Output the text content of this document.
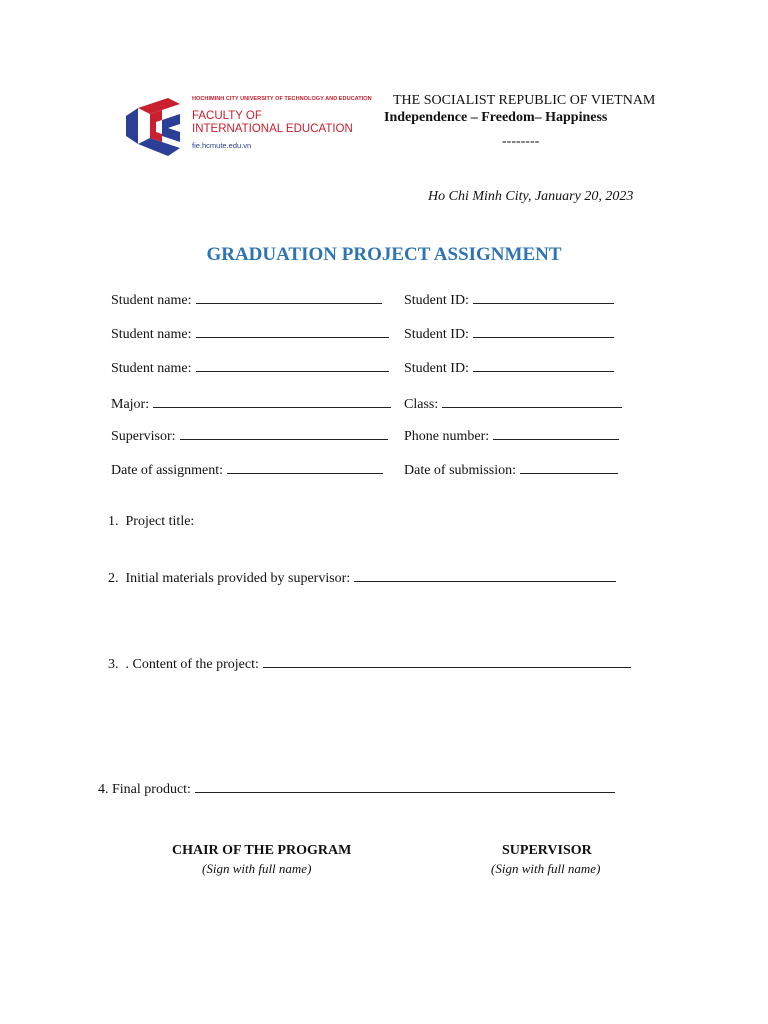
HOCHIMINH CITY UNIVERSITY OF TECHNOLOGY AND EDUCATION
FACULTY OF
INTERNATIONAL EDUCATION
fie.hcmute.edu.vn
THE SOCIALIST REPUBLIC OF VIETNAM
Independence – Freedom– Happiness
--------
Ho Chi Minh City, January 20, 2023
GRADUATION PROJECT ASSIGNMENT
Student name:	Student ID:
Student name:	Student ID:
Student name:	Student ID:
Major:	Class:
Supervisor:	Phone number:
Date of assignment:	Date of submission:
1. Project title:
2. Initial materials provided by supervisor:
3. . Content of the project:
4. Final product:
CHAIR OF THE PROGRAM
(Sign with full name)
SUPERVISOR
(Sign with full name)
